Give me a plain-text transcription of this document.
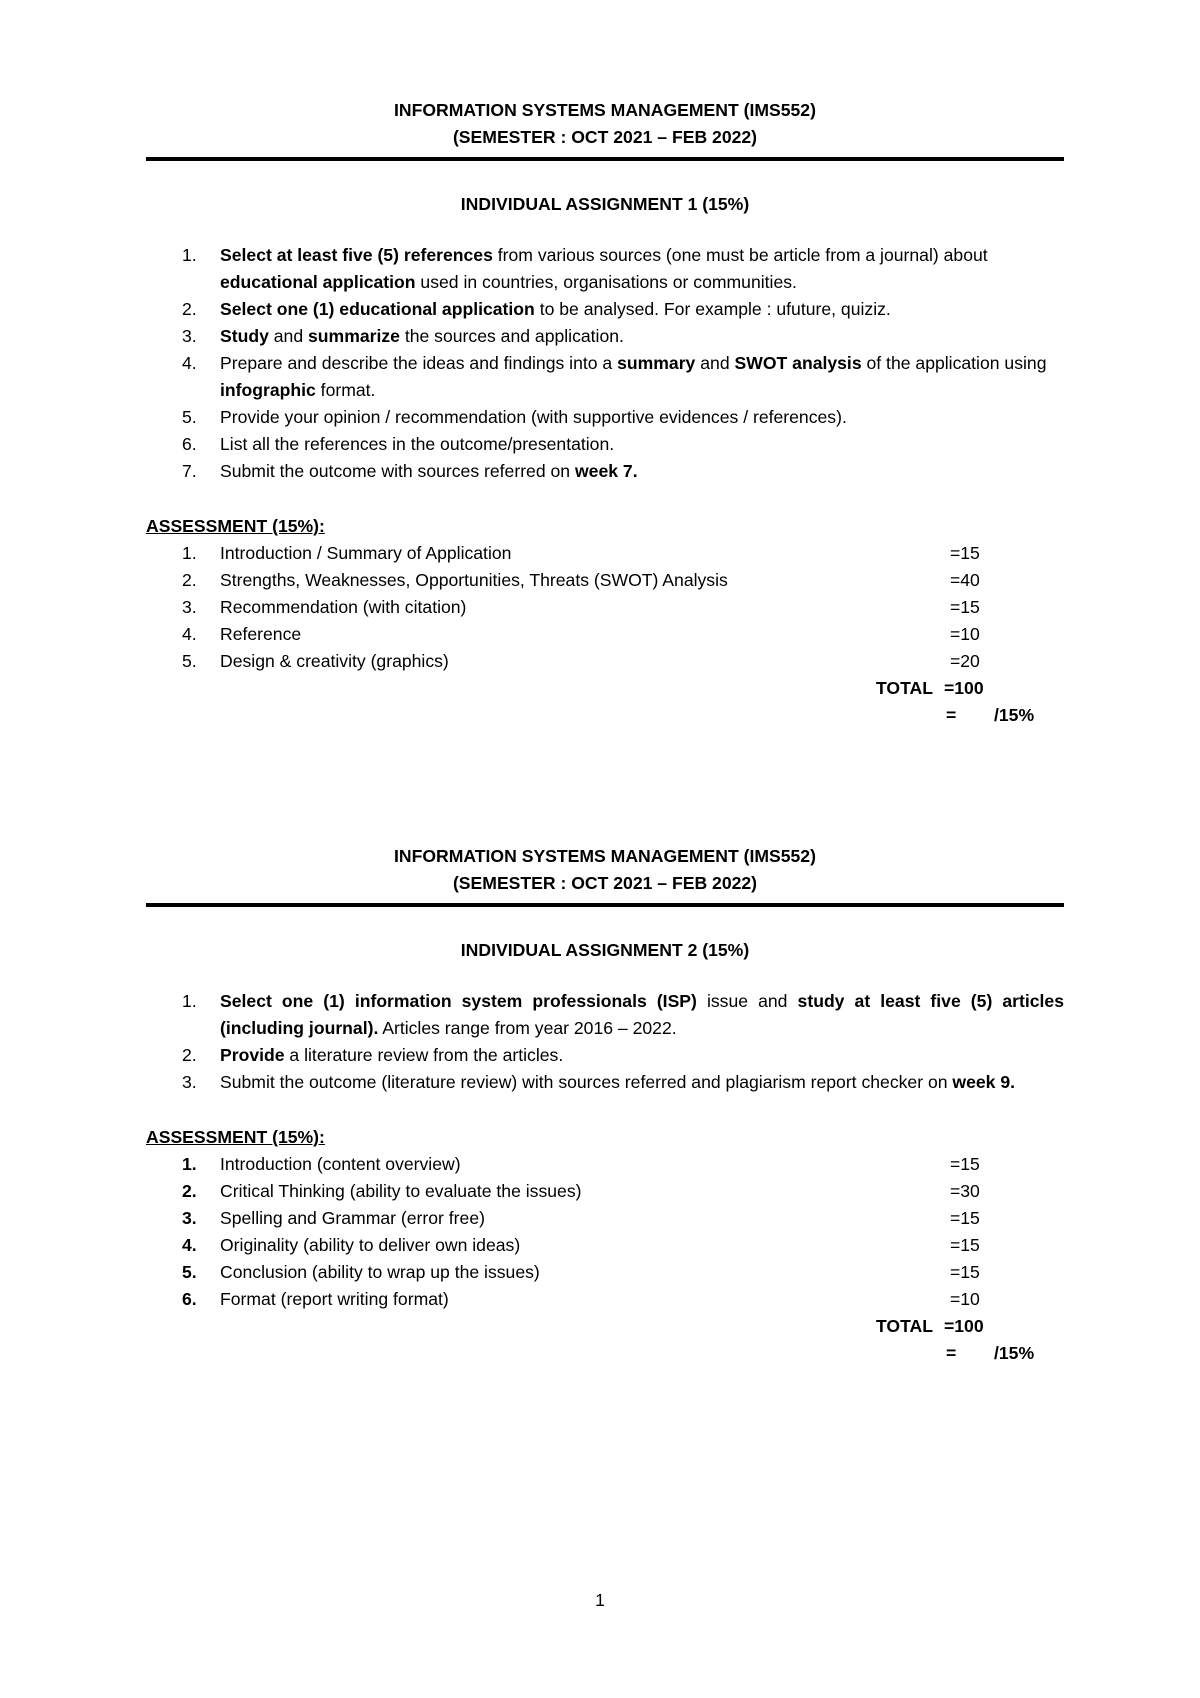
INFORMATION SYSTEMS MANAGEMENT (IMS552)
(SEMESTER : OCT 2021 – FEB 2022)
INDIVIDUAL ASSIGNMENT 1 (15%)
1. Select at least five (5) references from various sources (one must be article from a journal) about educational application used in countries, organisations or communities.
2. Select one (1) educational application to be analysed. For example : ufuture, quiziz.
3. Study and summarize the sources and application.
4. Prepare and describe the ideas and findings into a summary and SWOT analysis of the application using infographic format.
5. Provide your opinion / recommendation (with supportive evidences / references).
6. List all the references in the outcome/presentation.
7. Submit the outcome with sources referred on week 7.
ASSESSMENT (15%):
1. Introduction / Summary of Application	=15
2. Strengths, Weaknesses, Opportunities, Threats (SWOT) Analysis	=40
3. Recommendation (with citation)	=15
4. Reference	=10
5. Design & creativity (graphics)	=20
TOTAL =100
= /15%
INFORMATION SYSTEMS MANAGEMENT (IMS552)
(SEMESTER : OCT 2021 – FEB 2022)
INDIVIDUAL ASSIGNMENT 2 (15%)
1. Select one (1) information system professionals (ISP) issue and study at least five (5) articles (including journal). Articles range from year 2016 – 2022.
2. Provide a literature review from the articles.
3. Submit the outcome (literature review) with sources referred and plagiarism report checker on week 9.
ASSESSMENT (15%):
1. Introduction (content overview)	=15
2. Critical Thinking (ability to evaluate the issues)	=30
3. Spelling and Grammar (error free)	=15
4. Originality (ability to deliver own ideas)	=15
5. Conclusion (ability to wrap up the issues)	=15
6. Format (report writing format)	=10
TOTAL =100
= /15%
1
